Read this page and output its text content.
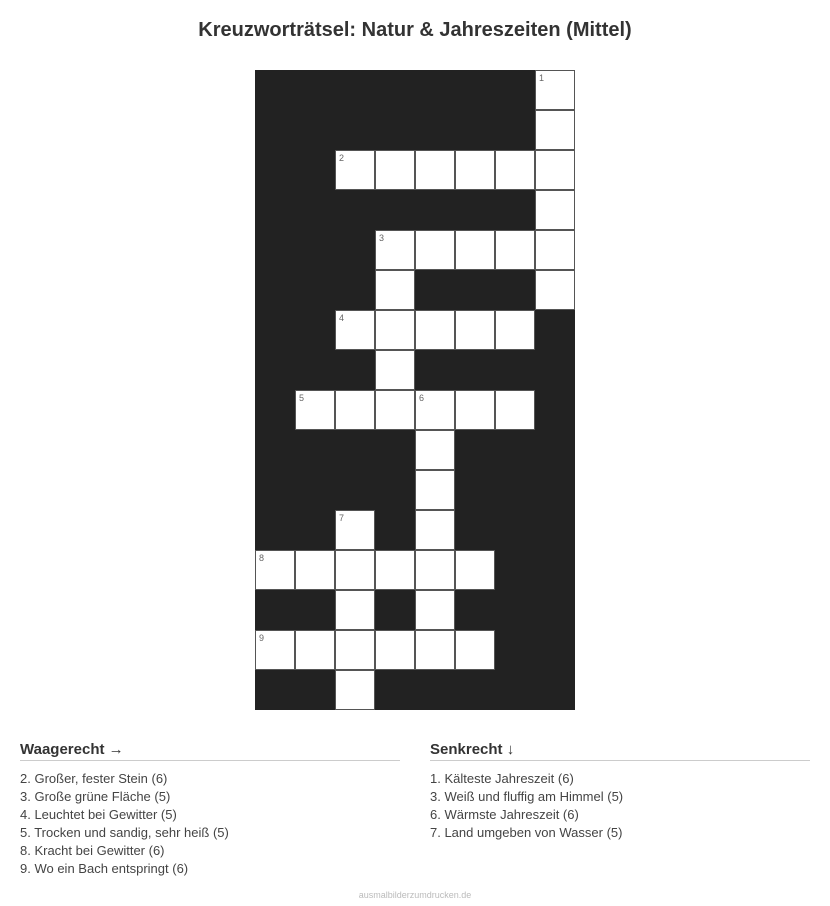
Kreuzworträtsel: Natur & Jahreszeiten (Mittel)
1
2
3
4
5	6
7
8
9
Waagerecht →
2. Großer, fester Stein (6)
3. Große grüne Fläche (5)
4. Leuchtet bei Gewitter (5)
5. Trocken und sandig, sehr heiß (5)
8. Kracht bei Gewitter (6)
9. Wo ein Bach entspringt (6)
Senkrecht ↓
1. Kälteste Jahreszeit (6)
3. Weiß und fluffig am Himmel (5)
6. Wärmste Jahreszeit (6)
7. Land umgeben von Wasser (5)
ausmalbilderzumdrucken.de
